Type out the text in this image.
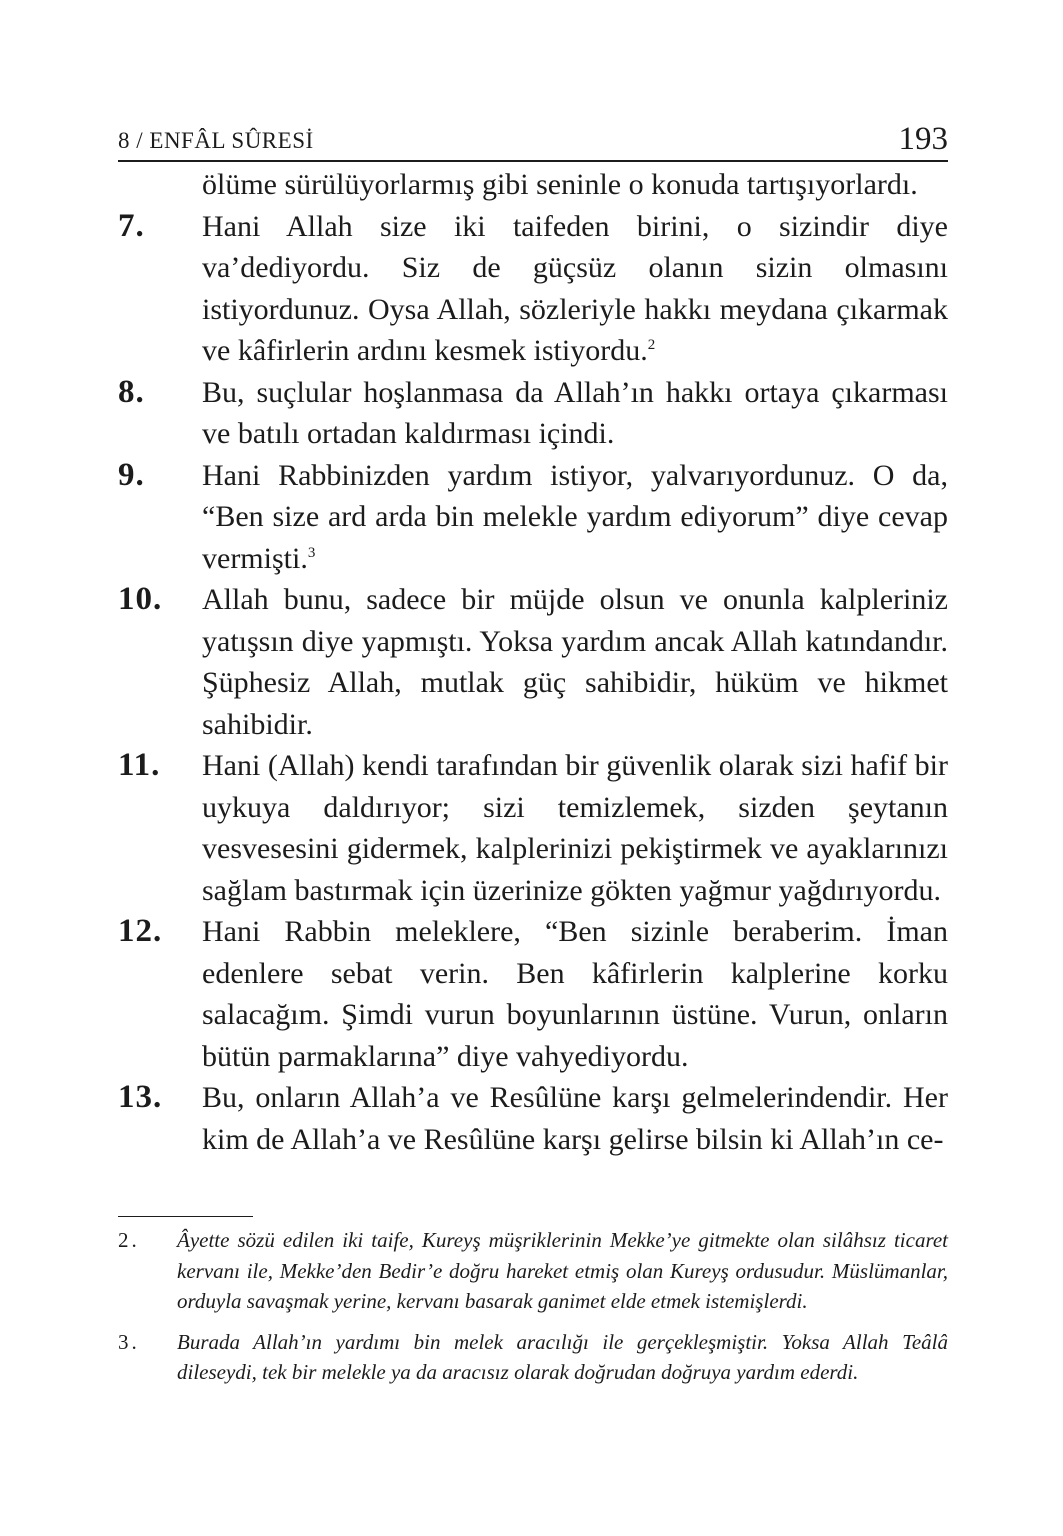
8 / ENFÂL SÛRESİ	193
ölüme sürülüyorlarmış gibi seninle o konuda tartışıyorlardı.
7. Hani Allah size iki taifeden birini, o sizindir diye va’dediyordu. Siz de güçsüz olanın sizin olmasını istiyordunuz. Oysa Allah, sözleriyle hakkı meydana çıkarmak ve kâfirlerin ardını kesmek istiyordu.$^2$
8. Bu, suçlular hoşlanmasa da Allah’ın hakkı ortaya çıkarması ve batılı ortadan kaldırması içindi.
9. Hani Rabbinizden yardım istiyor, yalvarıyordunuz. O da, “Ben size ard arda bin melekle yardım ediyorum” diye cevap vermişti.$^3$
10. Allah bunu, sadece bir müjde olsun ve onunla kalpleriniz yatışsın diye yapmıştı. Yoksa yardım ancak Allah katındandır. Şüphesiz Allah, mutlak güç sahibidir, hüküm ve hikmet sahibidir.
11. Hani (Allah) kendi tarafından bir güvenlik olarak sizi hafif bir uykuya daldırıyor; sizi temizlemek, sizden şeytanın vesvesesini gidermek, kalplerinizi pekiştirmek ve ayaklarınızı sağlam bastırmak için üzerinize gökten yağmur yağdırıyordu.
12. Hani Rabbin meleklere, “Ben sizinle beraberim. İman edenlere sebat verin. Ben kâfirlerin kalplerine korku salacağım. Şimdi vurun boyunlarının üstüne. Vurun, onların bütün parmaklarına” diye vahyediyordu.
13. Bu, onların Allah’a ve Resûlüne karşı gelmelerindendir. Her kim de Allah’a ve Resûlüne karşı gelirse bilsin ki Allah’ın ce-
2. Âyette sözü edilen iki taife, Kureyş müşriklerinin Mekke’ye gitmekte olan silâhsız ticaret kervanı ile, Mekke’den Bedir’e doğru hareket etmiş olan Kureyş ordusudur. Müslümanlar, orduyla savaşmak yerine, kervanı basarak ganimet elde etmek istemişlerdi.
3. Burada Allah’ın yardımı bin melek aracılığı ile gerçekleşmiştir. Yoksa Allah Teâlâ dileseydi, tek bir melekle ya da aracısız olarak doğrudan doğruya yardım ederdi.
